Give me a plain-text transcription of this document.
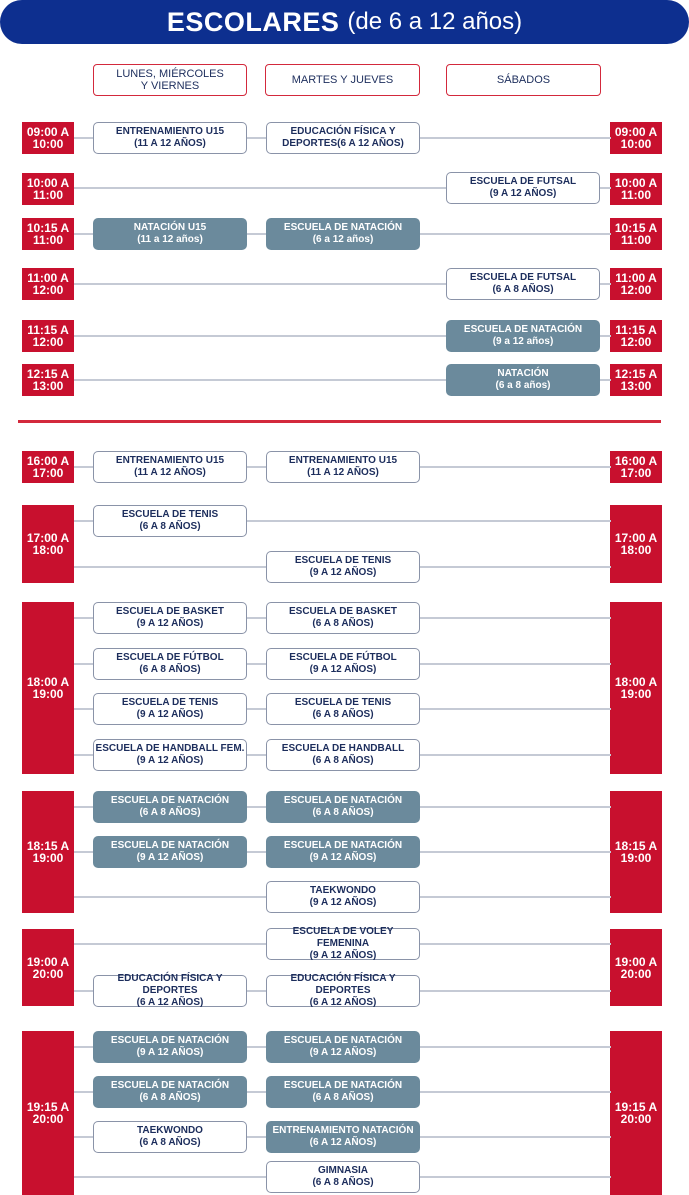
ESCOLARES (de 6 a 12 años)
LUNES, MIÉRCOLES
Y VIERNES	MARTES Y JUEVES	SÁBADOS
09:00 A
10:00
09:00 A
10:00
ENTRENAMIENTO U15
(11 A 12 AÑOS)
EDUCACIÓN FÍSICA Y
DEPORTES(6 A 12 AÑOS)
10:00 A
11:00
10:00 A
11:00
ESCUELA DE FUTSAL
(9 A 12 AÑOS)
10:15 A
11:00
10:15 A
11:00
NATACIÓN U15
(11 a 12 años)
ESCUELA DE NATACIÓN
(6 a 12 años)
11:00 A
12:00
11:00 A
12:00
ESCUELA DE FUTSAL
(6 A 8 AÑOS)
11:15 A
12:00
11:15 A
12:00
ESCUELA DE NATACIÓN
(9 a 12 años)
12:15 A
13:00
12:15 A
13:00
NATACIÓN
(6 a 8 años)
16:00 A
17:00
16:00 A
17:00
ENTRENAMIENTO U15
(11 A 12 AÑOS)
ENTRENAMIENTO U15
(11 A 12 AÑOS)
17:00 A
18:00
17:00 A
18:00
ESCUELA DE TENIS
(6 A 8 AÑOS)
ESCUELA DE TENIS
(9 A 12 AÑOS)
18:00 A
19:00
18:00 A
19:00
ESCUELA DE BASKET
(9 A 12 AÑOS)
ESCUELA DE BASKET
(6 A 8 AÑOS)
ESCUELA DE FÚTBOL
(6 A 8 AÑOS)
ESCUELA DE FÚTBOL
(9 A 12 AÑOS)
ESCUELA DE TENIS
(9 A 12 AÑOS)
ESCUELA DE TENIS
(6 A 8 AÑOS)
ESCUELA DE HANDBALL FEM.
(9 A 12 AÑOS)
ESCUELA DE HANDBALL
(6 A 8 AÑOS)
18:15 A
19:00
18:15 A
19:00
ESCUELA DE NATACIÓN
(6 A 8 AÑOS)
ESCUELA DE NATACIÓN
(6 A 8 AÑOS)
ESCUELA DE NATACIÓN
(9 A 12 AÑOS)
ESCUELA DE NATACIÓN
(9 A 12 AÑOS)
TAEKWONDO
(9 A 12 AÑOS)
19:00 A
20:00
19:00 A
20:00
ESCUELA DE VOLEY FEMENINA
(9 A 12 AÑOS)
EDUCACIÓN FÍSICA Y DEPORTES
(6 A 12 AÑOS)
EDUCACIÓN FÍSICA Y DEPORTES
(6 A 12 AÑOS)
19:15 A
20:00
19:15 A
20:00
ESCUELA DE NATACIÓN
(9 A 12 AÑOS)
ESCUELA DE NATACIÓN
(9 A 12 AÑOS)
ESCUELA DE NATACIÓN
(6 A 8 AÑOS)
ESCUELA DE NATACIÓN
(6 A 8 AÑOS)
TAEKWONDO
(6 A 8 AÑOS)
ENTRENAMIENTO NATACIÓN
(6 A 12 AÑOS)
GIMNASIA
(6 A 8 AÑOS)
